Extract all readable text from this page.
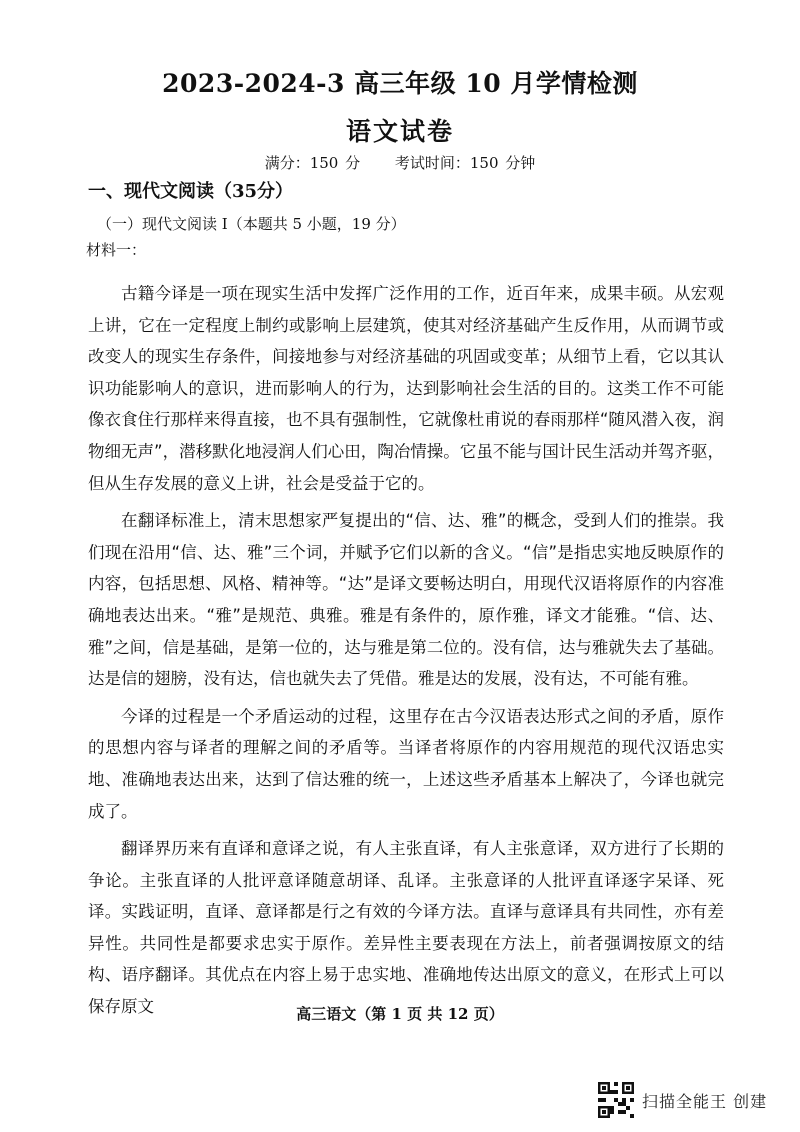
2023-2024-3 高三年级 10 月学情检测
语文试卷
满分：150 分 考试时间：150 分钟
一、现代文阅读（35分）
（一）现代文阅读 I（本题共 5 小题，19 分）
材料一：

古籍今译是一项在现实生活中发挥广泛作用的工作，近百年来，成果丰硕。从宏观上讲，它在一定程度上制约或影响上层建筑，使其对经济基础产生反作用，从而调节或改变人的现实生存条件，间接地参与对经济基础的巩固或变革；从细节上看，它以其认识功能影响人的意识，进而影响人的行为，达到影响社会生活的目的。这类工作不可能像衣食住行那样来得直接，也不具有强制性，它就像杜甫说的春雨那样“随风潜入夜，润物细无声”，潜移默化地浸润人们心田，陶冶情操。它虽不能与国计民生活动并驾齐驱，但从生存发展的意义上讲，社会是受益于它的。

在翻译标准上，清末思想家严复提出的“信、达、雅”的概念，受到人们的推崇。我们现在沿用“信、达、雅”三个词，并赋予它们以新的含义。“信”是指忠实地反映原作的内容，包括思想、风格、精神等。“达”是译文要畅达明白，用现代汉语将原作的内容准确地表达出来。“雅”是规范、典雅。雅是有条件的，原作雅，译文才能雅。“信、达、雅”之间，信是基础，是第一位的，达与雅是第二位的。没有信，达与雅就失去了基础。达是信的翅膀，没有达，信也就失去了凭借。雅是达的发展，没有达，不可能有雅。

今译的过程是一个矛盾运动的过程，这里存在古今汉语表达形式之间的矛盾，原作的思想内容与译者的理解之间的矛盾等。当译者将原作的内容用规范的现代汉语忠实地、准确地表达出来，达到了信达雅的统一，上述这些矛盾基本上解决了，今译也就完成了。

翻译界历来有直译和意译之说，有人主张直译，有人主张意译，双方进行了长期的争论。主张直译的人批评意译随意胡译、乱译。主张意译的人批评直译逐字呆译、死译。实践证明，直译、意译都是行之有效的今译方法。直译与意译具有共同性，亦有差异性。共同性是都要求忠实于原作。差异性主要表现在方法上，前者强调按原文的结构、语序翻译。其优点在内容上易于忠实地、准确地传达出原文的意义，在形式上可以保存原文	高三语文（第 1 页 共 12 页）
扫描全能王 创建
